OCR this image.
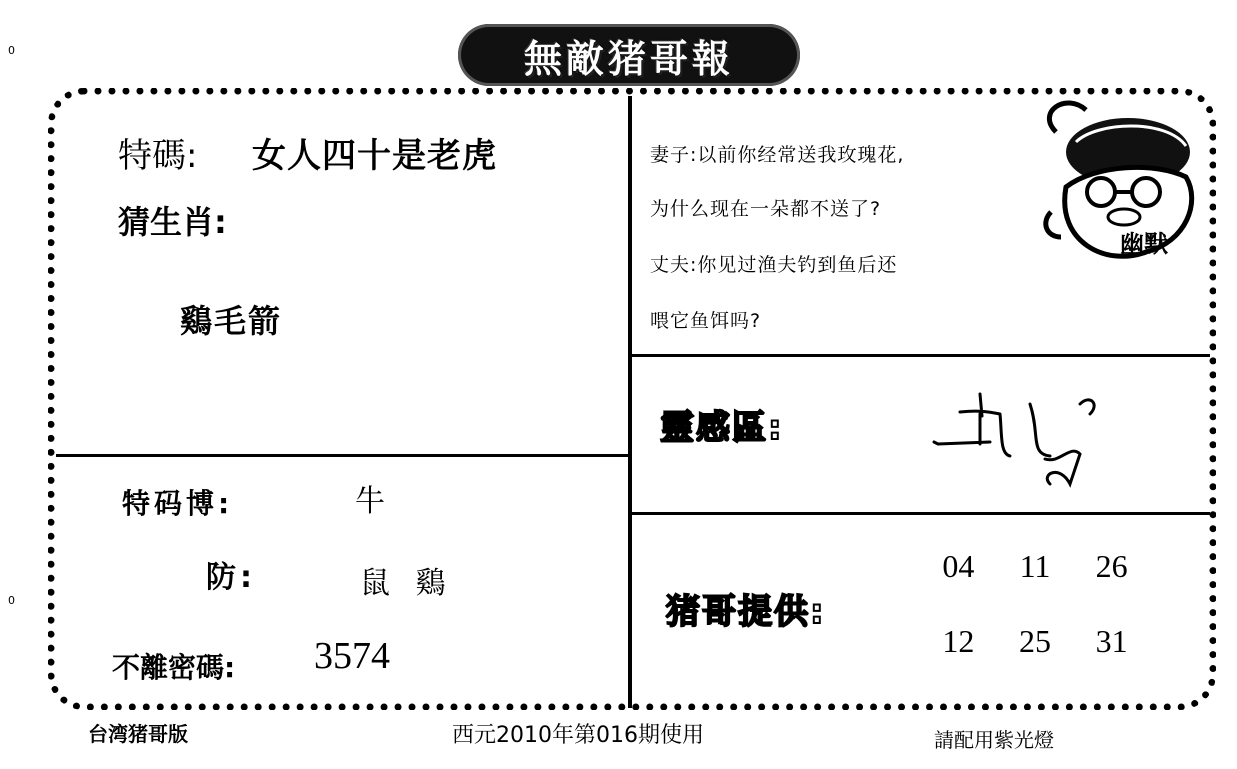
0
0
無敵猪哥報
特碼: 女人四十是老虎
猜生肖:
鷄毛箭
特码博:	牛
防:	鼠 鷄
不離密碼: 3574
妻子:以前你经常送我玫瑰花,
为什么现在一朵都不送了?
丈夫:你见过渔夫钓到鱼后还
喂它鱼饵吗?
幽默
靈感區:
猪哥提供:
04	11	26
12	25	31
台湾猪哥版	西元2010年第016期使用	請配用紫光燈
